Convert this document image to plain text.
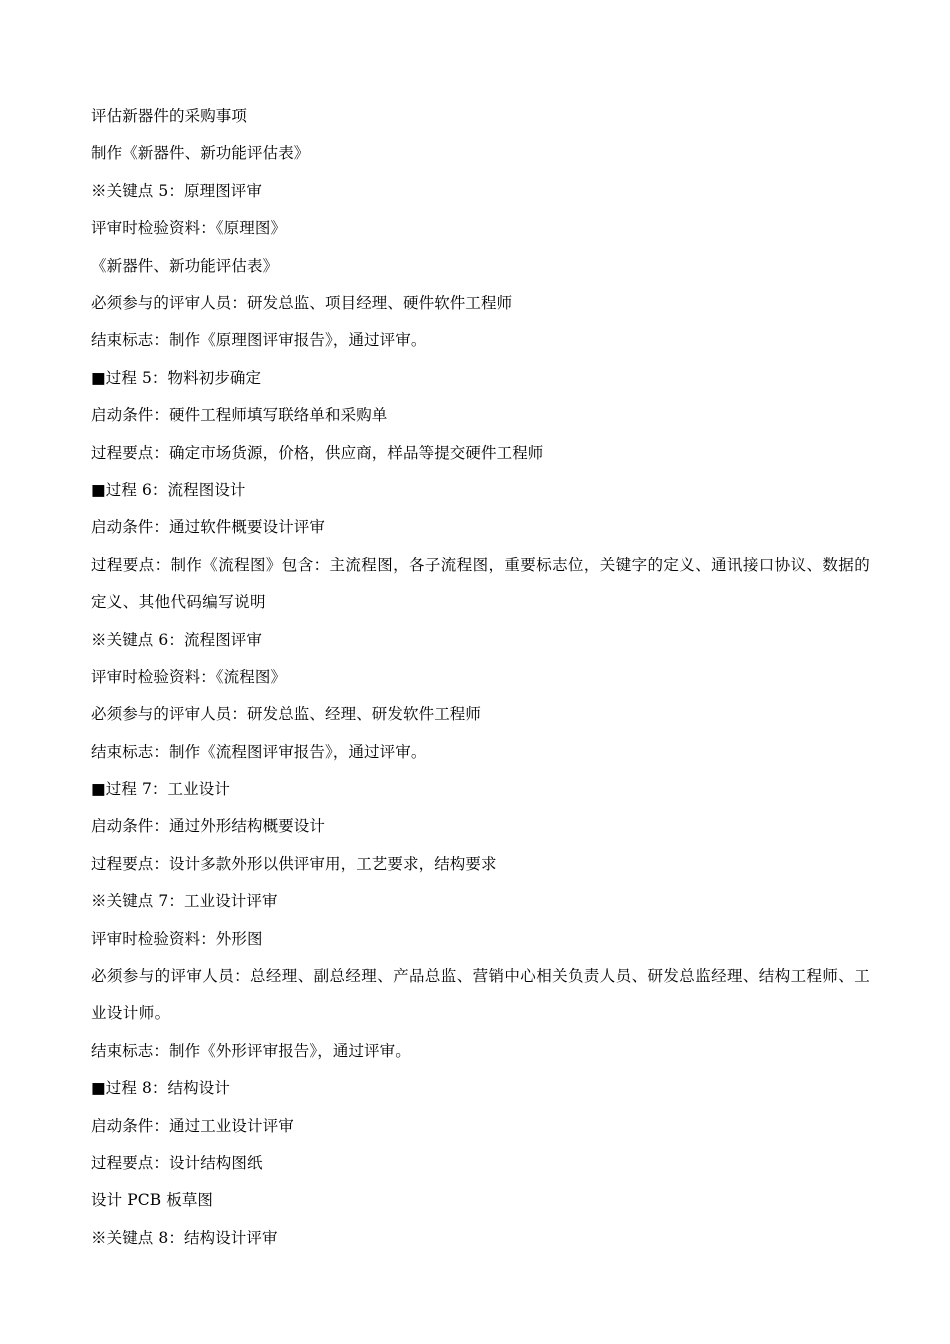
评估新器件的采购事项
制作《新器件、新功能评估表》
※关键点 5：原理图评审
评审时检验资料：《原理图》
《新器件、新功能评估表》
必须参与的评审人员：研发总监、项目经理、硬件软件工程师
结束标志：制作《原理图评审报告》，通过评审。
■过程 5：物料初步确定
启动条件：硬件工程师填写联络单和采购单
过程要点：确定市场货源，价格，供应商，样品等提交硬件工程师
■过程 6：流程图设计
启动条件：通过软件概要设计评审
过程要点：制作《流程图》包含：主流程图，各子流程图，重要标志位，关键字的定义、通讯接口协议、数据的定义、其他代码编写说明
※关键点 6：流程图评审
评审时检验资料：《流程图》
必须参与的评审人员：研发总监、经理、研发软件工程师
结束标志：制作《流程图评审报告》，通过评审。
■过程 7：工业设计
启动条件：通过外形结构概要设计
过程要点：设计多款外形以供评审用，工艺要求，结构要求
※关键点 7：工业设计评审
评审时检验资料：外形图
必须参与的评审人员：总经理、副总经理、产品总监、营销中心相关负责人员、研发总监经理、结构工程师、工业设计师。
结束标志：制作《外形评审报告》，通过评审。
■过程 8：结构设计
启动条件：通过工业设计评审
过程要点：设计结构图纸
设计 PCB 板草图
※关键点 8：结构设计评审
